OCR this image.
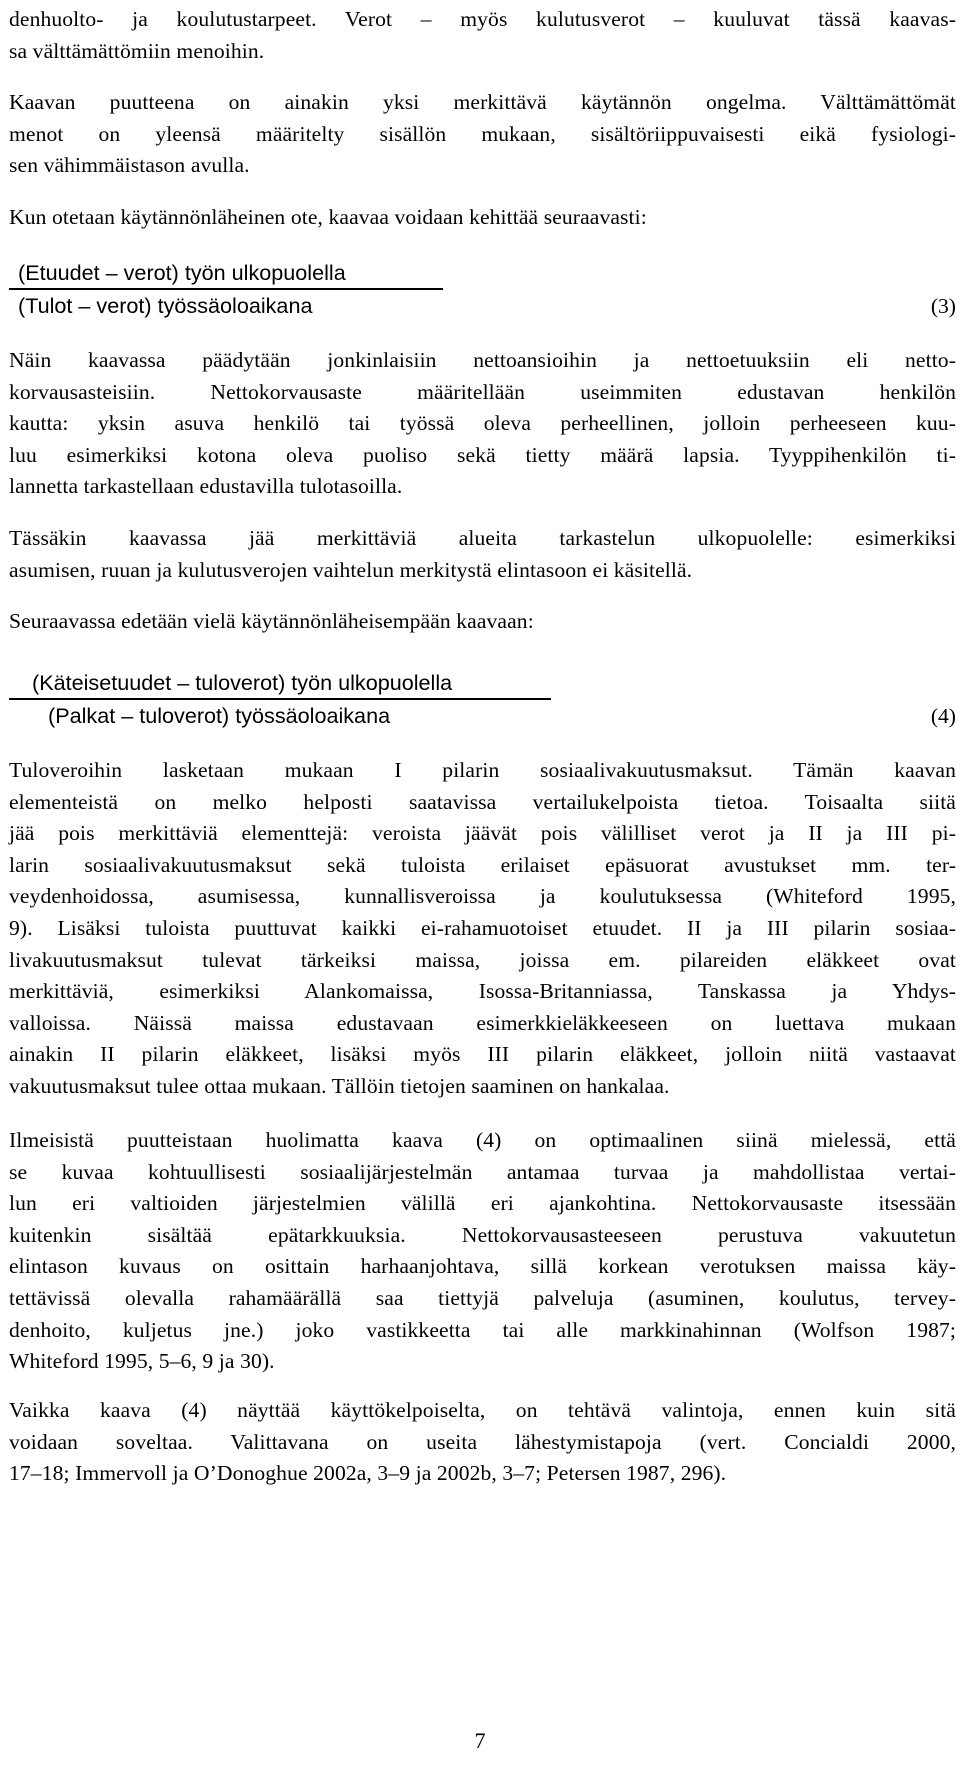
denhuolto- ja koulutustarpeet. Verot – myös kulutusverot – kuuluvat tässä kaavas-
sa välttämättömiin menoihin.

Kaavan puutteena on ainakin yksi merkittävä käytännön ongelma. Välttämättömät
menot on yleensä määritelty sisällön mukaan, sisältöriippuvaisesti eikä fysiologi-
sen vähimmäistason avulla.

Kun otetaan käytännönläheinen ote, kaavaa voidaan kehittää seuraavasti:

(Etuudet – verot) työn ulkopuolella
(Tulot – verot) työssäoloaikana	(3)

Näin kaavassa päädytään jonkinlaisiin nettoansioihin ja nettoetuuksiin eli netto-
korvausasteisiin. Nettokorvausaste määritellään useimmiten edustavan henkilön
kautta: yksin asuva henkilö tai työssä oleva perheellinen, jolloin perheeseen kuu-
luu esimerkiksi kotona oleva puoliso sekä tietty määrä lapsia. Tyyppihenkilön ti-
lannetta tarkastellaan edustavilla tulotasoilla.

Tässäkin kaavassa jää merkittäviä alueita tarkastelun ulkopuolelle: esimerkiksi
asumisen, ruuan ja kulutusverojen vaihtelun merkitystä elintasoon ei käsitellä.

Seuraavassa edetään vielä käytännönläheisempään kaavaan:

(Käteisetuudet – tuloverot) työn ulkopuolella
(Palkat – tuloverot) työssäoloaikana	(4)

Tuloveroihin lasketaan mukaan I pilarin sosiaalivakuutusmaksut. Tämän kaavan
elementeistä on melko helposti saatavissa vertailukelpoista tietoa. Toisaalta siitä
jää pois merkittäviä elementtejä: veroista jäävät pois välilliset verot ja II ja III pi-
larin sosiaalivakuutusmaksut sekä tuloista erilaiset epäsuorat avustukset mm. ter-
veydenhoidossa, asumisessa, kunnallisveroissa ja koulutuksessa (Whiteford 1995,
9). Lisäksi tuloista puuttuvat kaikki ei-rahamuotoiset etuudet. II ja III pilarin sosiaa-
livakuutusmaksut tulevat tärkeiksi maissa, joissa em. pilareiden eläkkeet ovat
merkittäviä, esimerkiksi Alankomaissa, Isossa-Britanniassa, Tanskassa ja Yhdys-
valloissa. Näissä maissa edustavaan esimerkkieläkkeeseen on luettava mukaan
ainakin II pilarin eläkkeet, lisäksi myös III pilarin eläkkeet, jolloin niitä vastaavat
vakuutusmaksut tulee ottaa mukaan. Tällöin tietojen saaminen on hankalaa.

Ilmeisistä puutteistaan huolimatta kaava (4) on optimaalinen siinä mielessä, että
se kuvaa kohtuullisesti sosiaalijärjestelmän antamaa turvaa ja mahdollistaa vertai-
lun eri valtioiden järjestelmien välillä eri ajankohtina. Nettokorvausaste itsessään
kuitenkin sisältää epätarkkuuksia. Nettokorvausasteeseen perustuva vakuutetun
elintason kuvaus on osittain harhaanjohtava, sillä korkean verotuksen maissa käy-
tettävissä olevalla rahamäärällä saa tiettyjä palveluja (asuminen, koulutus, tervey-
denhoito, kuljetus jne.) joko vastikkeetta tai alle markkinahinnan (Wolfson 1987;
Whiteford 1995, 5–6, 9 ja 30).

Vaikka kaava (4) näyttää käyttökelpoiselta, on tehtävä valintoja, ennen kuin sitä
voidaan soveltaa. Valittavana on useita lähestymistapoja (vert. Concialdi 2000,
17–18; Immervoll ja O’Donoghue 2002a, 3–9 ja 2002b, 3–7; Petersen 1987, 296).

7
